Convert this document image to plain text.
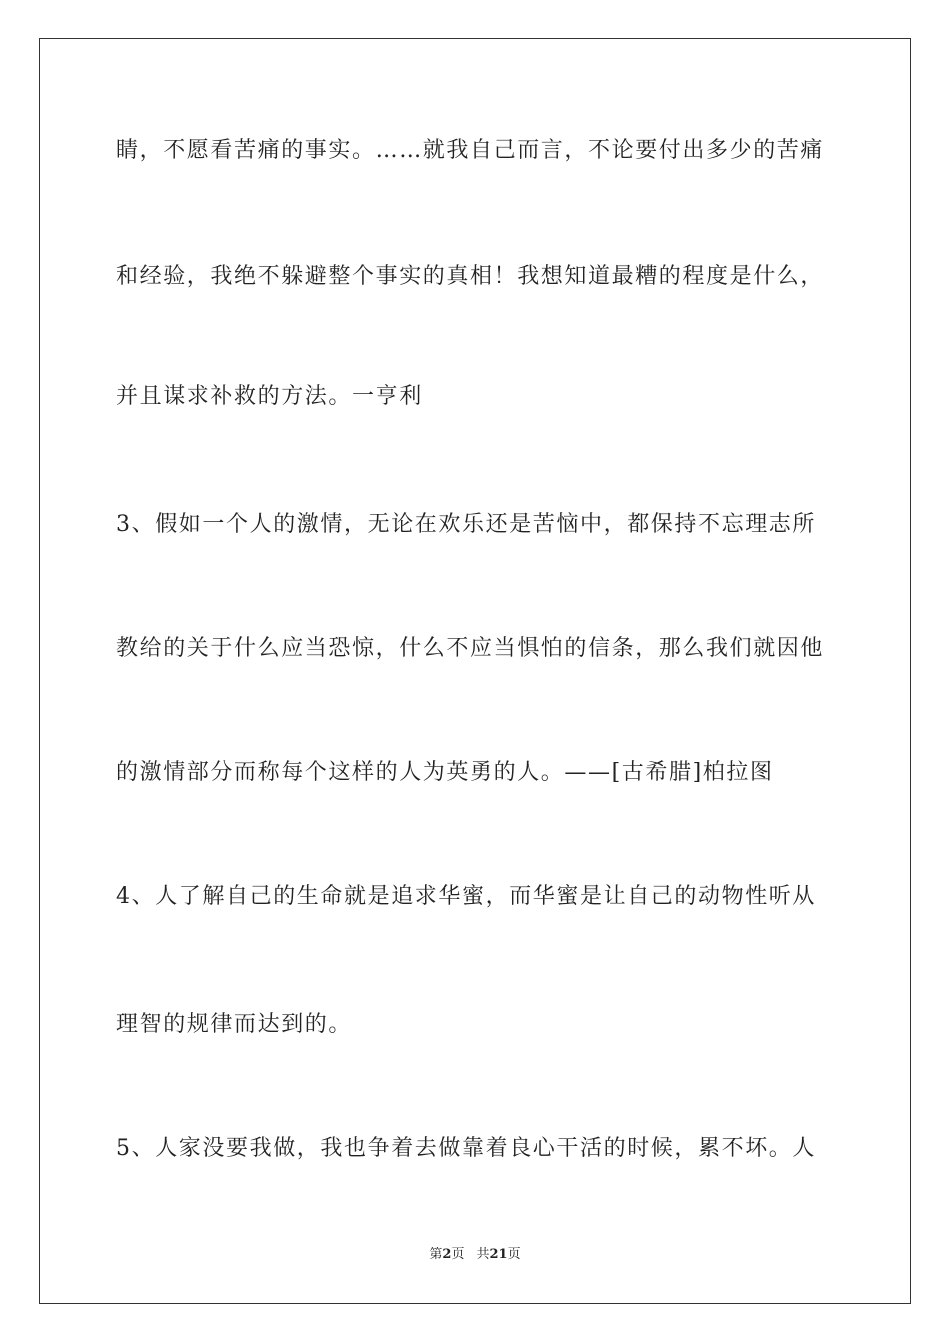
睛，不愿看苦痛的事实。……就我自己而言，不论要付出多少的苦痛
和经验，我绝不躲避整个事实的真相！我想知道最糟的程度是什么，
并且谋求补救的方法。一亨利
3、假如一个人的激情，无论在欢乐还是苦恼中，都保持不忘理志所
教给的关于什么应当恐惊，什么不应当惧怕的信条，那么我们就因他
的激情部分而称每个这样的人为英勇的人。——[古希腊]柏拉图
4、人了解自己的生命就是追求华蜜，而华蜜是让自己的动物性听从
理智的规律而达到的。
5、人家没要我做，我也争着去做靠着良心干活的时候，累不坏。人
第2页 共21页
